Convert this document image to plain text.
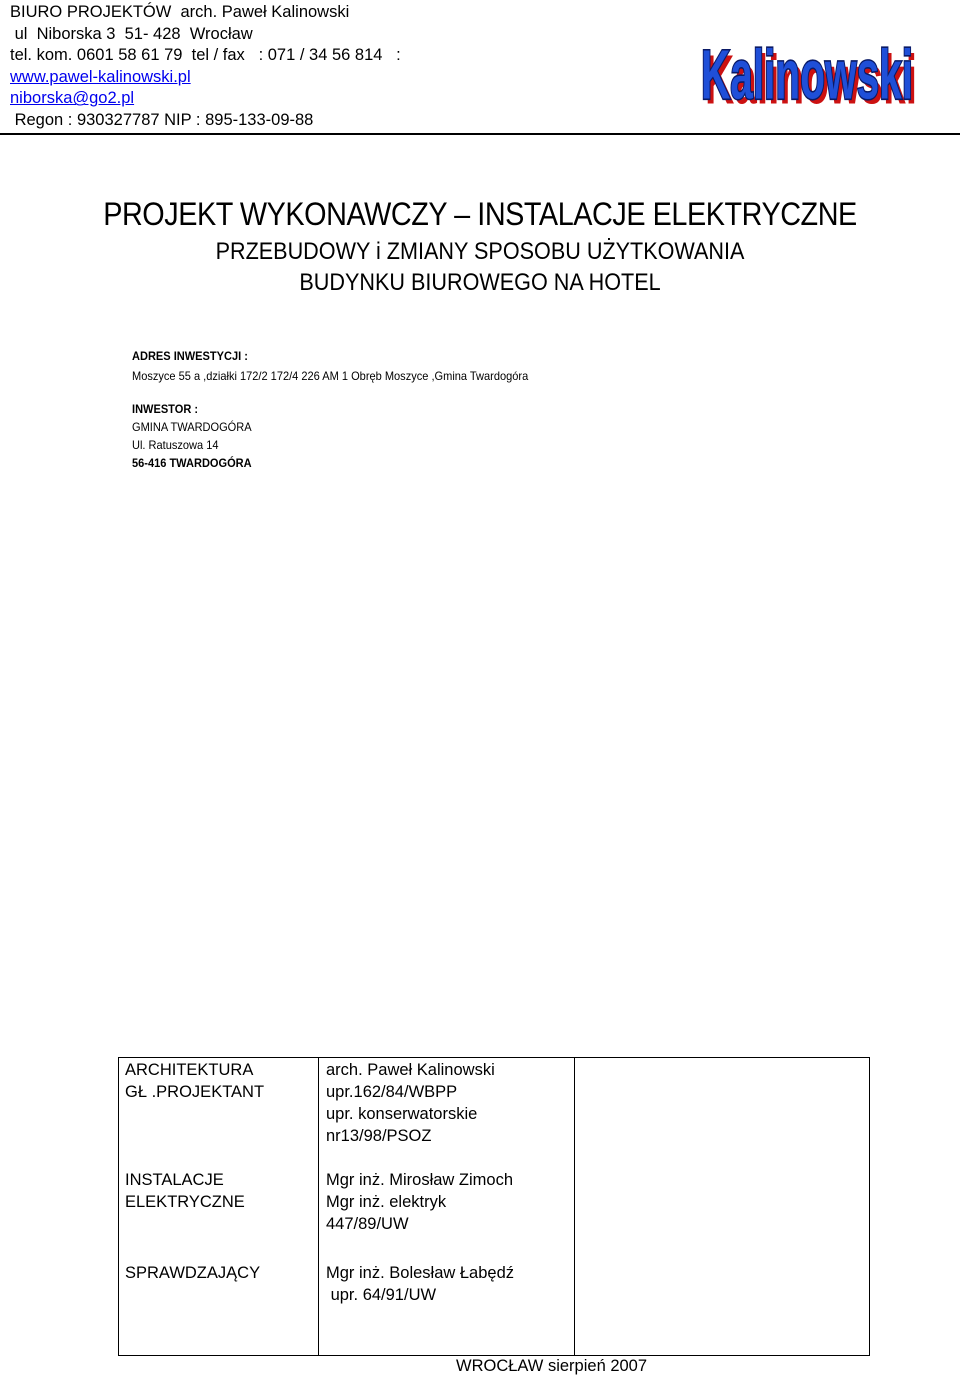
BIURO PROJEKTÓW  arch. Paweł Kalinowski
ul  Niborska 3  51- 428  Wrocław
tel. kom. 0601 58 61 79  tel / fax   : 071 / 34 56 814   :
www.pawel-kalinowski.pl
niborska@go2.pl
Regon : 930327787 NIP : 895-133-09-88
Kalinowski
Kalinowski
PROJEKT WYKONAWCZY – INSTALACJE ELEKTRYCZNE
PRZEBUDOWY i ZMIANY SPOSOBU UŻYTKOWANIA
BUDYNKU BIUROWEGO NA HOTEL
ADRES INWESTYCJI :
Moszyce 55 a ,działki 172/2 172/4 226 AM 1 Obręb Moszyce ,Gmina Twardogóra
INWESTOR :
GMINA TWARDOGÓRA
Ul. Ratuszowa 14
56-416 TWARDOGÓRA
ARCHITEKTURA
GŁ .PROJEKTANT
arch. Paweł Kalinowski
upr.162/84/WBPP
upr. konserwatorskie
nr13/98/PSOZ
INSTALACJE
ELEKTRYCZNE
Mgr inż. Mirosław Zimoch
Mgr inż. elektryk
447/89/UW
SPRAWDZAJĄCY	Mgr inż. Bolesław Łabędź
upr. 64/91/UW
WROCŁAW sierpień 2007
